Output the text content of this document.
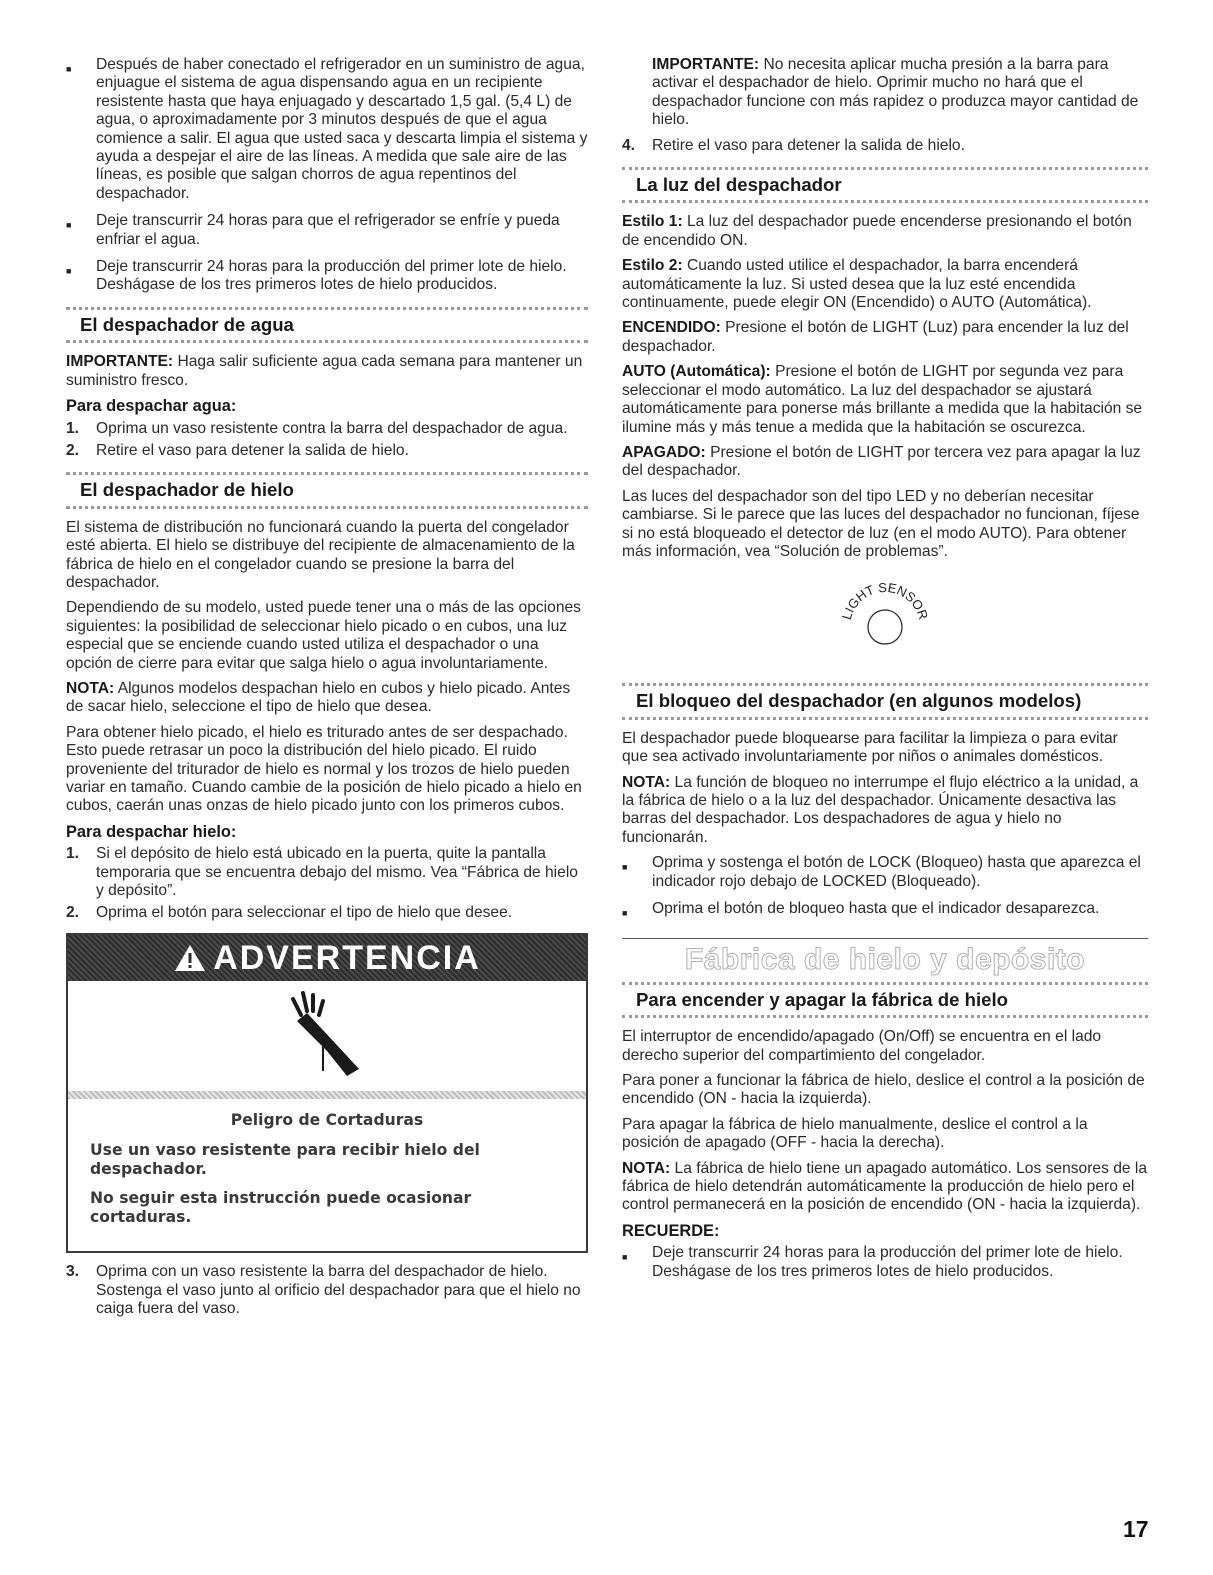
■	Después de haber conectado el refrigerador en un suministro de agua, enjuague el sistema de agua dispensando agua en un recipiente resistente hasta que haya enjuagado y descartado 1,5 gal. (5,4 L) de agua, o aproximadamente por 3 minutos después de que el agua comience a salir. El agua que usted saca y descarta limpia el sistema y ayuda a despejar el aire de las líneas. A medida que sale aire de las líneas, es posible que salgan chorros de agua repentinos del despachador.
■	Deje transcurrir 24 horas para que el refrigerador se enfríe y pueda enfriar el agua.
■	Deje transcurrir 24 horas para la producción del primer lote de hielo. Deshágase de los tres primeros lotes de hielo producidos.
El despachador de agua

IMPORTANTE: Haga salir suficiente agua cada semana para mantener un suministro fresco.

Para despachar agua:
1.	Oprima un vaso resistente contra la barra del despachador de agua.
2.	Retire el vaso para detener la salida de hielo.
El despachador de hielo

El sistema de distribución no funcionará cuando la puerta del congelador esté abierta. El hielo se distribuye del recipiente de almacenamiento de la fábrica de hielo en el congelador cuando se presione la barra del despachador.

Dependiendo de su modelo, usted puede tener una o más de las opciones siguientes: la posibilidad de seleccionar hielo picado o en cubos, una luz especial que se enciende cuando usted utiliza el despachador o una opción de cierre para evitar que salga hielo o agua involuntariamente.

NOTA: Algunos modelos despachan hielo en cubos y hielo picado. Antes de sacar hielo, seleccione el tipo de hielo que desea.

Para obtener hielo picado, el hielo es triturado antes de ser despachado. Esto puede retrasar un poco la distribución del hielo picado. El ruido proveniente del triturador de hielo es normal y los trozos de hielo pueden variar en tamaño. Cuando cambie de la posición de hielo picado a hielo en cubos, caerán unas onzas de hielo picado junto con los primeros cubos.

Para despachar hielo:
1.	Si el depósito de hielo está ubicado en la puerta, quite la pantalla temporaria que se encuentra debajo del mismo. Vea “Fábrica de hielo y depósito”.
2.	Oprima el botón para seleccionar el tipo de hielo que desee.
ADVERTENCIA
Peligro de Cortaduras
Use un vaso resistente para recibir hielo del despachador.
No seguir esta instrucción puede ocasionar cortaduras.
3.	Oprima con un vaso resistente la barra del despachador de hielo. Sostenga el vaso junto al orificio del despachador para que el hielo no caiga fuera del vaso.

IMPORTANTE: No necesita aplicar mucha presión a la barra para activar el despachador de hielo. Oprimir mucho no hará que el despachador funcione con más rapidez o produzca mayor cantidad de hielo.

4.	Retire el vaso para detener la salida de hielo.
La luz del despachador

Estilo 1: La luz del despachador puede encenderse presionando el botón de encendido ON.

Estilo 2: Cuando usted utilice el despachador, la barra encenderá automáticamente la luz. Si usted desea que la luz esté encendida continuamente, puede elegir ON (Encendido) o AUTO (Automática).

ENCENDIDO: Presione el botón de LIGHT (Luz) para encender la luz del despachador.

AUTO (Automática): Presione el botón de LIGHT por segunda vez para seleccionar el modo automático. La luz del despachador se ajustará automáticamente para ponerse más brillante a medida que la habitación se ilumine más y más tenue a medida que la habitación se oscurezca.

APAGADO: Presione el botón de LIGHT por tercera vez para apagar la luz del despachador.

Las luces del despachador son del tipo LED y no deberían necesitar cambiarse. Si le parece que las luces del despachador no funcionan, fíjese si no está bloqueado el detector de luz (en el modo AUTO). Para obtener más información, vea “Solución de problemas”.

LIGHT SENSOR
El bloqueo del despachador (en algunos modelos)

El despachador puede bloquearse para facilitar la limpieza o para evitar que sea activado involuntariamente por niños o animales domésticos.

NOTA: La función de bloqueo no interrumpe el flujo eléctrico a la unidad, a la fábrica de hielo o a la luz del despachador. Únicamente desactiva las barras del despachador. Los despachadores de agua y hielo no funcionarán.

■	Oprima y sostenga el botón de LOCK (Bloqueo) hasta que aparezca el indicador rojo debajo de LOCKED (Bloqueado).
■	Oprima el botón de bloqueo hasta que el indicador desaparezca.
Fábrica de hielo y depósito
Para encender y apagar la fábrica de hielo

El interruptor de encendido/apagado (On/Off) se encuentra en el lado derecho superior del compartimiento del congelador.

Para poner a funcionar la fábrica de hielo, deslice el control a la posición de encendido (ON - hacia la izquierda).

Para apagar la fábrica de hielo manualmente, deslice el control a la posición de apagado (OFF - hacia la derecha).

NOTA: La fábrica de hielo tiene un apagado automático. Los sensores de la fábrica de hielo detendrán automáticamente la producción de hielo pero el control permanecerá en la posición de encendido (ON - hacia la izquierda).

RECUERDE:
■	Deje transcurrir 24 horas para la producción del primer lote de hielo. Deshágase de los tres primeros lotes de hielo producidos.
17
